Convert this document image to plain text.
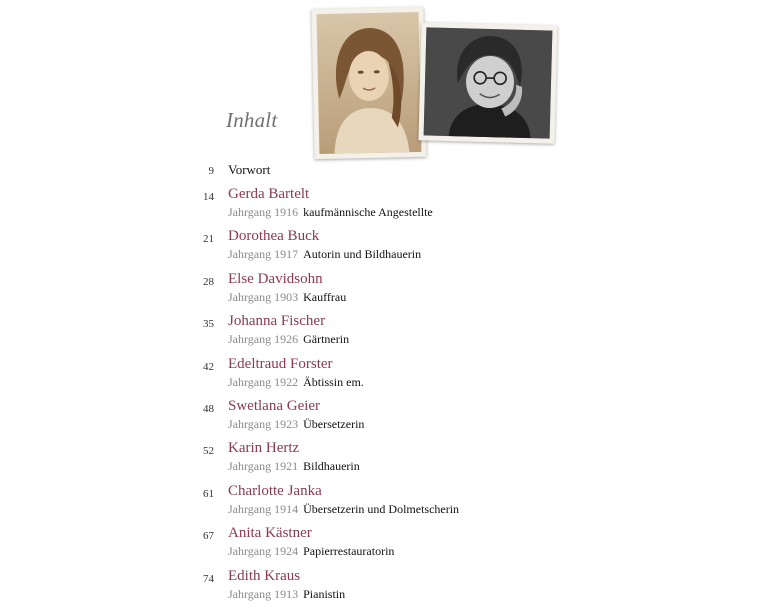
Inhalt
9 Vorwort
14 Gerda Bartelt
Jahrgang 1916 kaufmännische Angestellte
21 Dorothea Buck
Jahrgang 1917 Autorin und Bildhauerin
28 Else Davidsohn
Jahrgang 1903 Kauffrau
35 Johanna Fischer
Jahrgang 1926 Gärtnerin
42 Edeltraud Forster
Jahrgang 1922 Äbtissin em.
48 Swetlana Geier
Jahrgang 1923 Übersetzerin
52 Karin Hertz
Jahrgang 1921 Bildhauerin
61 Charlotte Janka
Jahrgang 1914 Übersetzerin und Dolmetscherin
67 Anita Kästner
Jahrgang 1924 Papierrestauratorin
74 Edith Kraus
Jahrgang 1913 Pianistin
